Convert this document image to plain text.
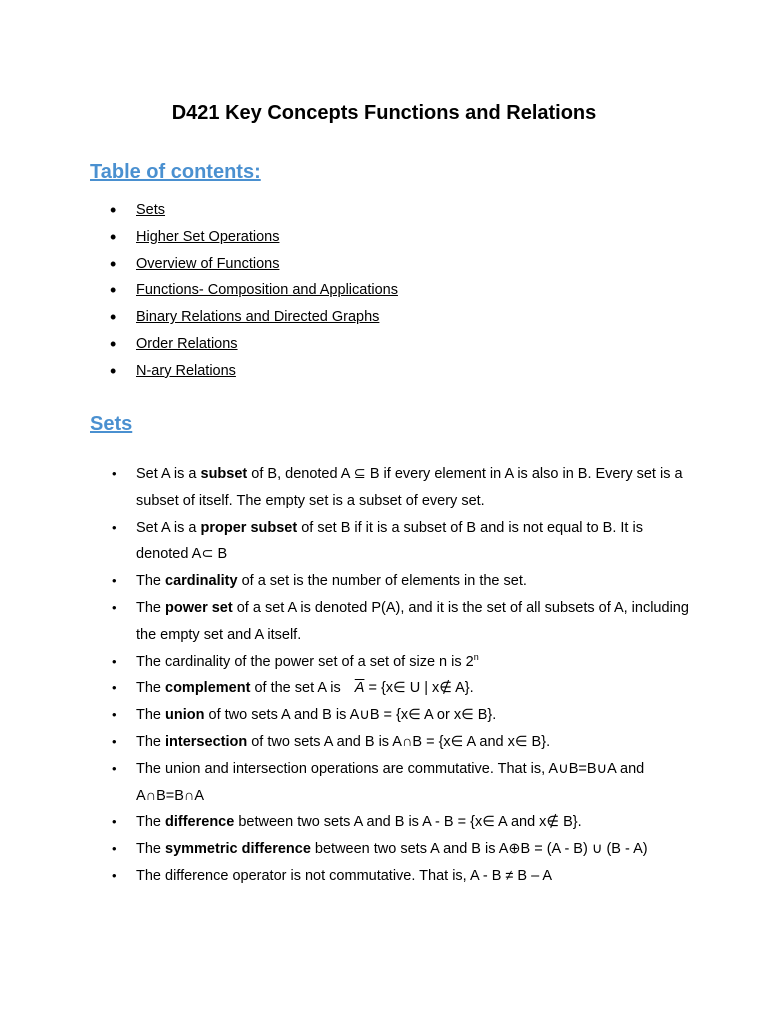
D421 Key Concepts Functions and Relations
Table of contents:
• Sets
• Higher Set Operations
• Overview of Functions
• Functions- Composition and Applications
• Binary Relations and Directed Graphs
• Order Relations
• N-ary Relations
Sets
• Set A is a subset of B, denoted A ⊆ B if every element in A is also in B. Every set is a subset of itself. The empty set is a subset of every set.
• Set A is a proper subset of set B if it is a subset of B and is not equal to B. It is denoted A⊂ B
• The cardinality of a set is the number of elements in the set.
• The power set of a set A is denoted P(A), and it is the set of all subsets of A, including the empty set and A itself.
• The cardinality of the power set of a set of size n is 2$^n$
• The complement of the set A is $\overline{A}$ = {x∈ U | x∉ A}.
• The union of two sets A and B is A∪B = {x∈ A or x∈ B}.
• The intersection of two sets A and B is A∩B = {x∈ A and x∈ B}.
• The union and intersection operations are commutative. That is, A∪B=B∪A and A∩B=B∩A
• The difference between two sets A and B is A - B = {x∈ A and x∉ B}.
• The symmetric difference between two sets A and B is A⊕B = (A - B) ∪ (B - A)
• The difference operator is not commutative. That is, A - B ≠ B – A
